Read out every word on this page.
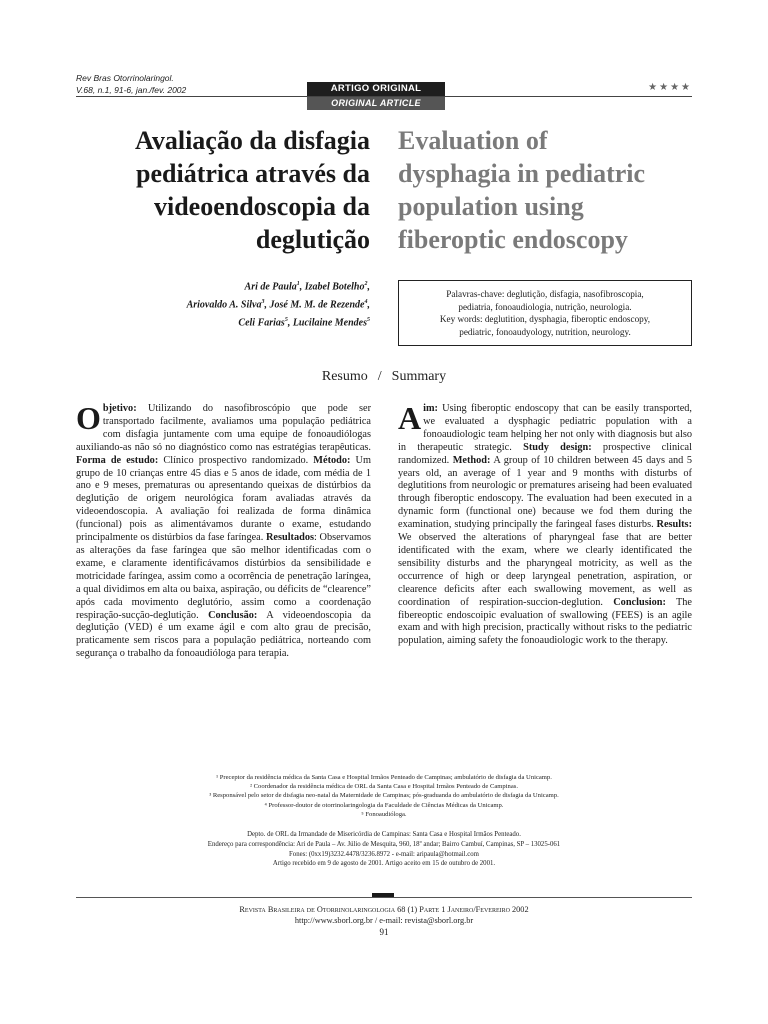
Rev Bras Otorrinolaringol.
V.68, n.1, 91-6, jan./fev. 2002	ARTIGO ORIGINAL
ORIGINAL ARTICLE
★★★★
Avaliação da disfagia
pediátrica através da
videoendoscopia da
deglutição
Evaluation of
dysphagia in pediatric
population using
fiberoptic endoscopy
Ari de Paula$^1$, Izabel Botelho$^2$,
Ariovaldo A. Silva$^3$, José M. M. de Rezende$^4$,
Celi Farias$^5$, Lucilaine Mendes$^5$
Palavras-chave: deglutição, disfagia, nasofibroscopia,
pediatria, fonoaudiologia, nutrição, neurologia.
Key words: deglutition, dysphagia, fiberoptic endoscopy,
pediatric, fonoaudyology, nutrition, neurology.
Resumo / Summary
Objetivo: Utilizando do nasofibroscópio que pode ser transportado facilmente, avaliamos uma população pediátrica com disfagia juntamente com uma equipe de fonoaudiólogas auxiliando-as não só no diagnóstico como nas estratégias terapêuticas. Forma de estudo: Clínico prospectivo randomizado. Método: Um grupo de 10 crianças entre 45 dias e 5 anos de idade, com média de 1 ano e 9 meses, prematuras ou apresentando queixas de distúrbios da deglutição de origem neurológica foram avaliadas através da videoendoscopia. A avaliação foi realizada de forma dinâmica (funcional) pois as alimentávamos durante o exame, estudando principalmente os distúrbios da fase faríngea. Resultados: Observamos as alterações da fase faríngea que são melhor identificadas com o exame, e claramente identificávamos distúrbios da sensibilidade e motricidade faríngea, assim como a ocorrência de penetração laríngea, a qual dividimos em alta ou baixa, aspiração, ou déficits de “clearence” após cada movimento deglutório, assim como a coordenação respiração-sucção-deglutição. Conclusão: A videoendoscopia da deglutição (VED) é um exame ágil e com alto grau de precisão, praticamente sem riscos para a população pediátrica, norteando com segurança o trabalho da fonoaudióloga para terapia.
Aim: Using fiberoptic endoscopy that can be easily transported, we evaluated a dysphagic pediatric population with a fonoaudiologic team helping her not only with diagnosis but also in therapeutic strategic. Study design: prospective clinical randomized. Method: A group of 10 children between 45 days and 5 years old, an average of 1 year and 9 months with disturbs of deglutitions from neurologic or prematures ariseing had been evaluated through fiberoptic endoscopy. The evaluation had been executed in a dynamic form (functional one) because we fod them during the examination, studying principally the faringeal fases disturbs. Results: We observed the alterations of pharyngeal fase that are better identificated with the exam, where we clearly identificated the sensibility disturbs and the pharyngeal motricity, as well as the occurrence of high or deep laryngeal penetration, aspiration, or clearence deficits after each swallowing movement, as well as coordination of respiration-succion-deglution. Conclusion: The fibereoptic endoscoipic evaluation of swallowing (FEES) is an agile exam and with high precision, practically without risks to the pediatric population, aiming safety the fonoaudiologic work to the therapy.
¹ Preceptor da residência médica da Santa Casa e Hospital Irmãos Penteado de Campinas; ambulatório de disfagia da Unicamp.
² Coordenador da residência médica de ORL da Santa Casa e Hospital Irmãos Penteado de Campinas.
³ Responsável pelo setor de disfagia neo-natal da Maternidade de Campinas; pós-graduanda do ambulatório de disfagia da Unicamp.
⁴ Professor-doutor de otorrinolaringologia da Faculdade de Ciências Médicas da Unicamp.
⁵ Fonoaudióloga.
Depto. de ORL da Irmandade de Misericórdia de Campinas: Santa Casa e Hospital Irmãos Penteado.
Endereço para correspondência: Ari de Paula – Av. Júlio de Mesquita, 960, 18º andar; Bairro Cambuí, Campinas, SP – 13025-061
Fones: (0xx19)3232.4478/3236.8972 - e-mail: aripaula@hotmail.com
Artigo recebido em 9 de agosto de 2001. Artigo aceito em 15 de outubro de 2001.
Revista Brasileira de Otorrinolaringologia 68 (1) Parte 1 Janeiro/Fevereiro 2002
http://www.sborl.org.br / e-mail: revista@sborl.org.br
91
